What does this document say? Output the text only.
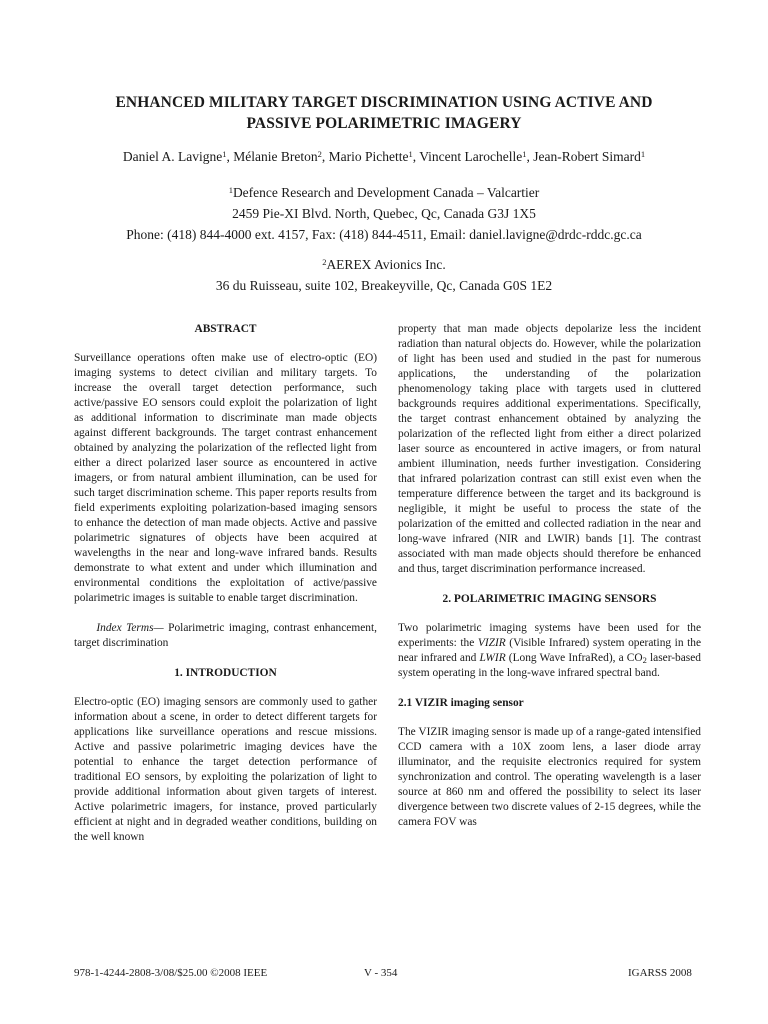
ENHANCED MILITARY TARGET DISCRIMINATION USING ACTIVE AND
PASSIVE POLARIMETRIC IMAGERY
Daniel A. Lavigne$^1$, Mélanie Breton$^2$, Mario Pichette$^1$, Vincent Larochelle$^1$, Jean-Robert Simard$^1$
$^1$Defence Research and Development Canada – Valcartier
2459 Pie-XI Blvd. North, Quebec, Qc, Canada G3J 1X5
Phone: (418) 844-4000 ext. 4157, Fax: (418) 844-4511, Email: daniel.lavigne@drdc-rddc.gc.ca
$^2$AEREX Avionics Inc.
36 du Ruisseau, suite 102, Breakeyville, Qc, Canada G0S 1E2
ABSTRACT
Surveillance operations often make use of electro-optic (EO) imaging systems to detect civilian and military targets. To increase the overall target detection performance, such active/passive EO sensors could exploit the polarization of light as additional information to discriminate man made objects against different backgrounds. The target contrast enhancement obtained by analyzing the polarization of the reflected light from either a direct polarized laser source as encountered in active imagers, or from natural ambient illumination, can be used for such target discrimination scheme. This paper reports results from field experiments exploiting polarization-based imaging sensors to enhance the detection of man made objects. Active and passive polarimetric signatures of objects have been acquired at wavelengths in the near and long-wave infrared bands. Results demonstrate to what extent and under which illumination and environmental conditions the exploitation of active/passive polarimetric images is suitable to enable target discrimination.
Index Terms— Polarimetric imaging, contrast enhancement, target discrimination
1. INTRODUCTION
Electro-optic (EO) imaging sensors are commonly used to gather information about a scene, in order to detect different targets for applications like surveillance operations and rescue missions. Active and passive polarimetric imaging devices have the potential to enhance the target detection performance of traditional EO sensors, by exploiting the polarization of light to provide additional information about given targets of interest. Active polarimetric imagers, for instance, proved particularly efficient at night and in degraded weather conditions, building on the well known
property that man made objects depolarize less the incident radiation than natural objects do. However, while the polarization of light has been used and studied in the past for numerous applications, the understanding of the polarization phenomenology taking place with targets used in cluttered backgrounds requires additional experimentations. Specifically, the target contrast enhancement obtained by analyzing the polarization of the reflected light from either a direct polarized laser source as encountered in active imagers, or from natural ambient illumination, needs further investigation. Considering that infrared polarization contrast can still exist even when the temperature difference between the target and its background is negligible, it might be useful to process the state of the polarization of the emitted and collected radiation in the near and long-wave infrared (NIR and LWIR) bands [1]. The contrast associated with man made objects should therefore be enhanced and thus, target discrimination performance increased.
2. POLARIMETRIC IMAGING SENSORS
Two polarimetric imaging systems have been used for the experiments: the VIZIR (Visible Infrared) system operating in the near infrared and LWIR (Long Wave InfraRed), a $CO_2$ laser-based system operating in the long-wave infrared spectral band.
2.1 VIZIR imaging sensor
The VIZIR imaging sensor is made up of a range-gated intensified CCD camera with a 10X zoom lens, a laser diode array illuminator, and the requisite electronics required for system synchronization and control. The operating wavelength is a laser source at 860 nm and offered the possibility to select its laser divergence between two discrete values of 2-15 degrees, while the camera FOV was
978-1-4244-2808-3/08/$25.00 ©2008 IEEE	V - 354	IGARSS 2008
